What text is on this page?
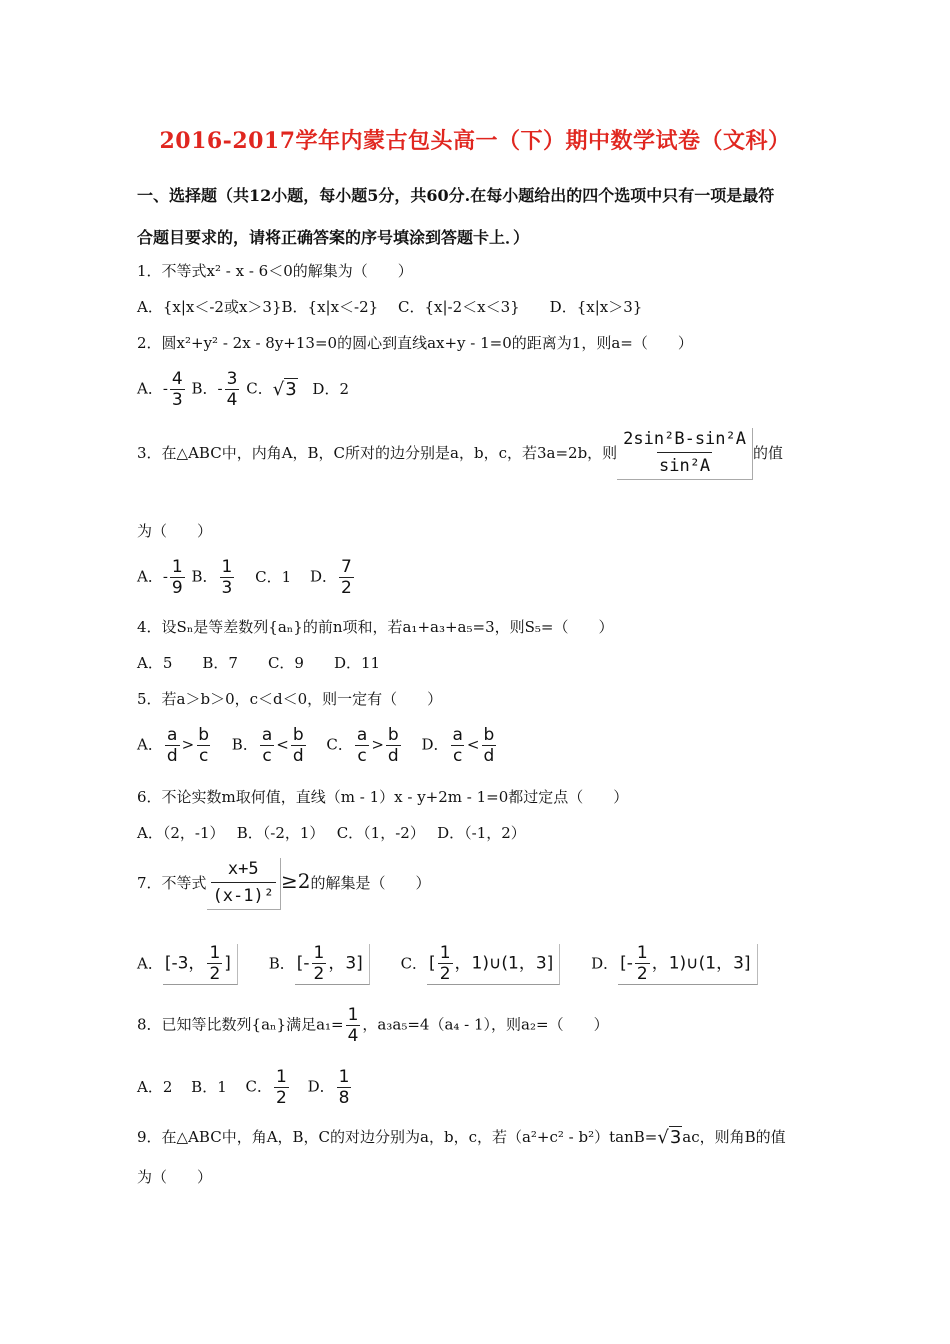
2016-2017学年内蒙古包头高一（下）期中数学试卷（文科）
一、选择题（共12小题，每小题5分，共60分.在每小题给出的四个选项中只有一项是最符
合题目要求的，请将正确答案的序号填涂到答题卡上．）
1．不等式x² - x - 6＜0的解集为（　　）
A．{x|x＜-2或x＞3}B．{x|x＜-2}　 C．{x|-2＜x＜3}　　D．{x|x＞3}
2．圆x²+y² - 2x - 8y+13=0的圆心到直线ax+y - 1=0的距离为1，则a=（　　）
A．- $\frac{4}{3}$ B．- $\frac{3}{4}$ C．√3 D．2
3．在△ABC中，内角A，B，C所对的边分别是a，b，c，若3a=2b，则 $\frac{\text{2sin²B-sin²A}}{\text{sin²A}}$ 的值
为（　　）
A．- $\frac{1}{9}$ B． $\frac{1}{3}$ C．1 D． $\frac{7}{2}$
4．设Sₙ是等差数列{aₙ}的前n项和，若a₁+a₃+a₅=3，则S₅=（　　）
A．5　　B．7　　C．9　　D．11
5．若a＞b＞0，c＜d＜0，则一定有（　　）
A． $\frac{a}{d} > \frac{b}{c}$ B． $\frac{a}{c} < \frac{b}{d}$ C． $\frac{a}{c} > \frac{b}{d}$ D． $\frac{a}{c} < \frac{b}{d}$
6．不论实数m取何值，直线（m - 1）x - y+2m - 1=0都过定点（　　）
A．（2，-1）　 B．（-2，1）　 C．（1，-2）　 D．（-1，2）
7．不等式 $\frac{x+5}{\text{(x-1)²}} \ge 2$的解集是（　　）
A． [-3， $\frac{1}{2}$ ]	B． [- $\frac{1}{2}$ ，3]	C． [ $\frac{1}{2}$ ，1)∪(1，3]	D． [- $\frac{1}{2}$ ，1)∪(1，3]
8．已知等比数列{aₙ}满足$a_1= \frac{1}{4}$ ，a₃a₅=4（a₄ - 1），则a₂=（　　）
A．2 B．1 C． $\frac{1}{2}$ D． $\frac{1}{8}$
9．在△ABC中，角A，B，C的对边分别为a，b，c，若（a²+c² - b²）tanB=√3ac，则角B的值
为（　　）
